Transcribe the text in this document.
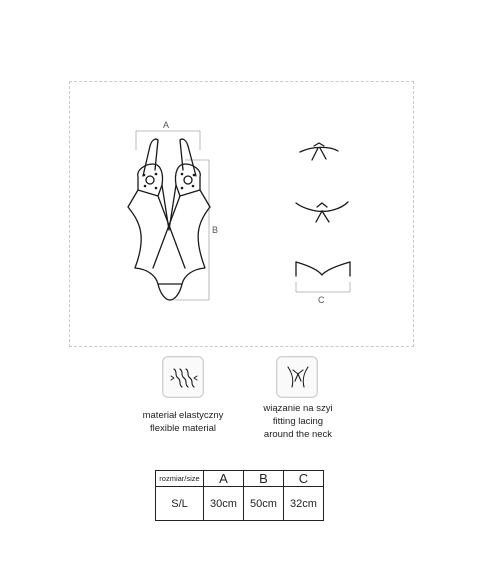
A
B
C
materiał elastyczny
flexible material
wiązanie na szyi
fitting lacing
around the neck
rozmiar/size	A	B	C
S/L	30cm	50cm	32cm
